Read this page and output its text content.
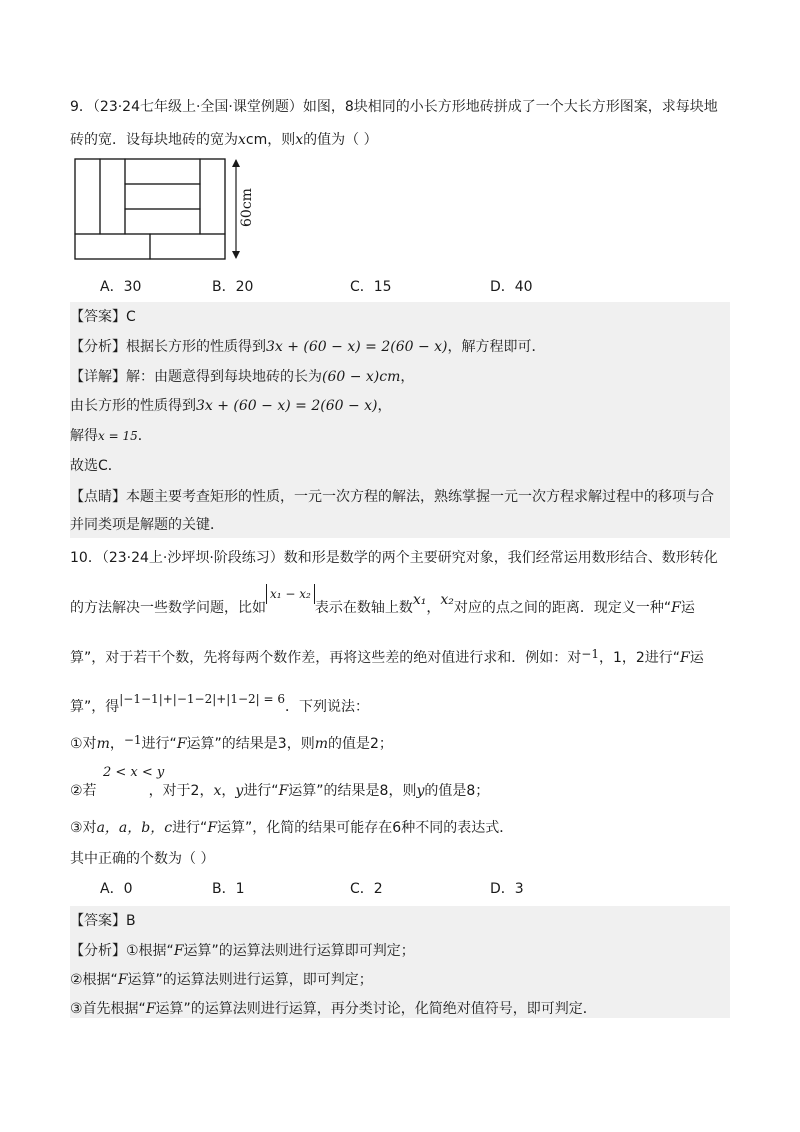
9．（23·24七年级上·全国·课堂例题）如图，8块相同的小长方形地砖拼成了一个大长方形图案，求每块地
砖的宽．设每块地砖的宽为xcm，则x的值为（ ）
60cm
A．30	B．20	C．15	D．40
【答案】C
【分析】根据长方形的性质得到3x + (60 − x) = 2(60 − x)，解方程即可．
【详解】解：由题意得到每块地砖的长为(60 − x)cm，
由长方形的性质得到3x + (60 − x) = 2(60 − x)，
解得x = 15．
故选C．
【点睛】本题主要考查矩形的性质，一元一次方程的解法，熟练掌握一元一次方程求解过程中的移项与合
并同类项是解题的关键．
10．（23·24上·沙坪坝·阶段练习）数和形是数学的两个主要研究对象，我们经常运用数形结合、数形转化
的方法解决一些数学问题，比如x₁ − x₂表示在数轴上数x₁，x₂对应的点之间的距离．现定义一种“F运
算”，对于若干个数，先将每两个数作差，再将这些差的绝对值进行求和．例如：对−1，1，2进行“F运
算”，得|−1−1|+|−1−2|+|1−2| = 6．下列说法：
①对m，−1进行“F运算”的结果是3，则m的值是2；
2 < x < y
②若	，对于2，x，y进行“F运算”的结果是8，则y的值是8；
③对a，a，b，c进行“F运算”，化简的结果可能存在6种不同的表达式．
其中正确的个数为（ ）
A．0	B．1	C．2	D．3
【答案】B
【分析】①根据“F运算”的运算法则进行运算即可判定；
②根据“F运算”的运算法则进行运算，即可判定；
③首先根据“F运算”的运算法则进行运算，再分类讨论，化简绝对值符号，即可判定．
